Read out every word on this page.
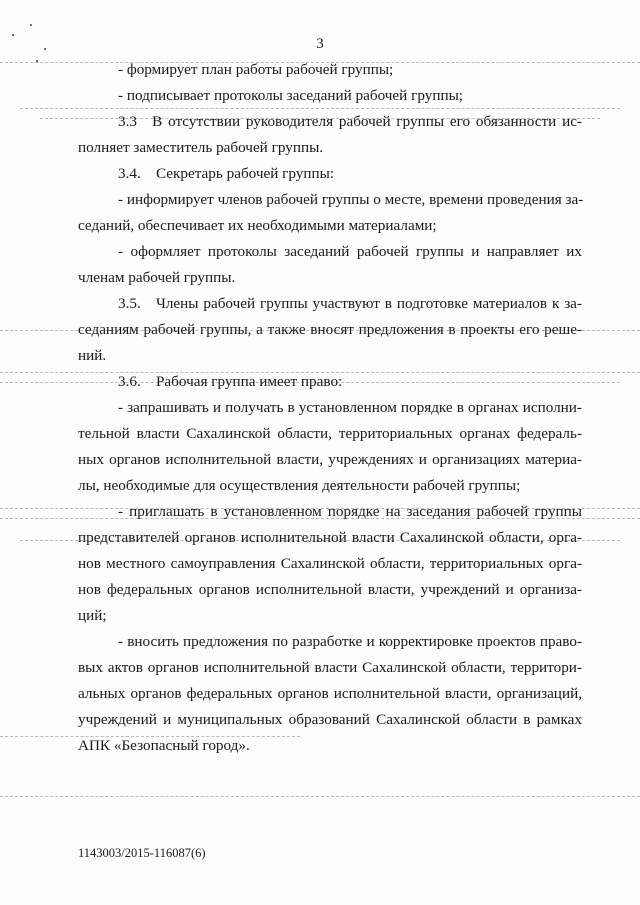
3
- формирует план работы рабочей группы;
- подписывает протоколы заседаний рабочей группы;
3.3 В отсутствии руководителя рабочей группы его обязанности ис-
полняет заместитель рабочей группы.
3.4. Секретарь рабочей группы:
- информирует членов рабочей группы о месте, времени проведения за-
седаний, обеспечивает их необходимыми материалами;
- оформляет протоколы заседаний рабочей группы и направляет их
членам рабочей группы.
3.5. Члены рабочей группы участвуют в подготовке материалов к за-
седаниям рабочей группы, а также вносят предложения в проекты его реше-
ний.
3.6. Рабочая группа имеет право:
- запрашивать и получать в установленном порядке в органах исполни-
тельной власти Сахалинской области, территориальных органах федераль-
ных органов исполнительной власти, учреждениях и организациях материа-
лы, необходимые для осуществления деятельности рабочей группы;
- приглашать в установленном порядке на заседания рабочей группы
представителей органов исполнительной власти Сахалинской области, орга-
нов местного самоуправления Сахалинской области, территориальных орга-
нов федеральных органов исполнительной власти, учреждений и организа-
ций;
- вносить предложения по разработке и корректировке проектов право-
вых актов органов исполнительной власти Сахалинской области, территори-
альных органов федеральных органов исполнительной власти, организаций,
учреждений и муниципальных образований Сахалинской области в рамках
АПК «Безопасный город».
1143003/2015-116087(6)
